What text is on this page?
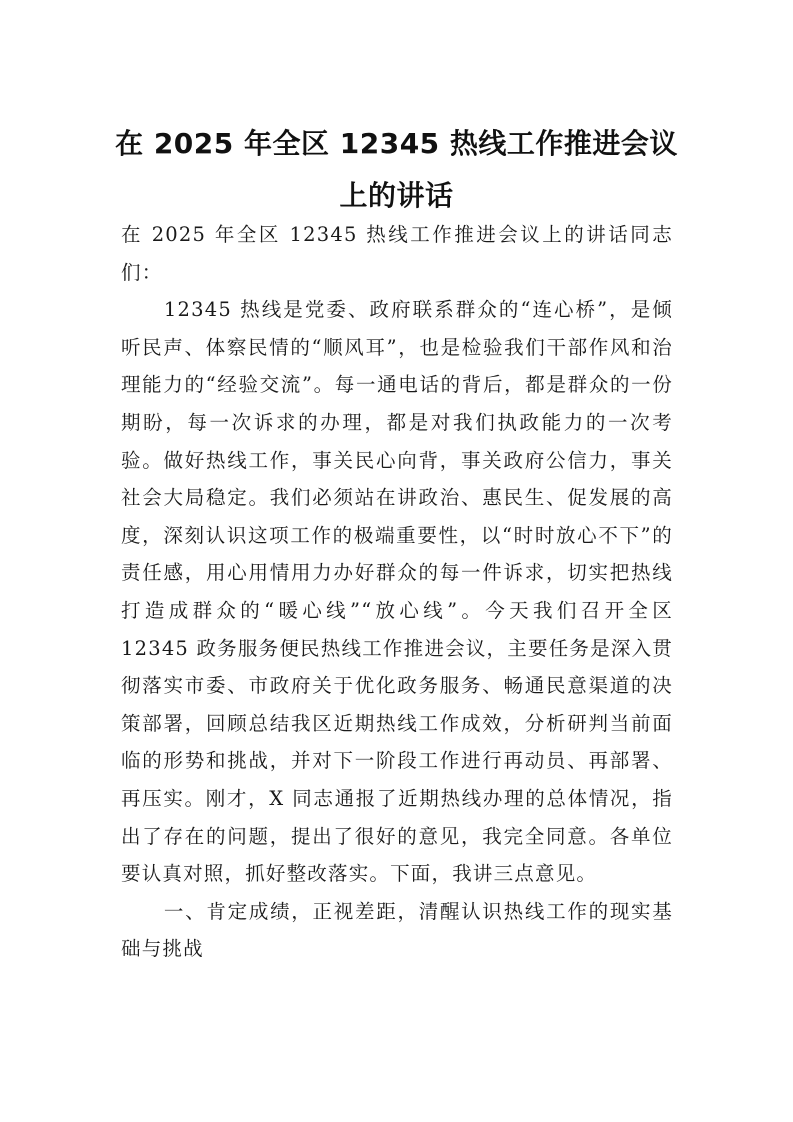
在 2025 年全区 12345 热线工作推进会议上的讲话

在 2025 年全区 12345 热线工作推进会议上的讲话同志们：

12345 热线是党委、政府联系群众的“连心桥”，是倾听民声、体察民情的“顺风耳”，也是检验我们干部作风和治理能力的“经验交流”。每一通电话的背后，都是群众的一份期盼，每一次诉求的办理，都是对我们执政能力的一次考验。做好热线工作，事关民心向背，事关政府公信力，事关社会大局稳定。我们必须站在讲政治、惠民生、促发展的高度，深刻认识这项工作的极端重要性，以“时时放心不下”的责任感，用心用情用力办好群众的每一件诉求，切实把热线打造成群众的“暖心线”“放心线”。今天我们召开全区 12345 政务服务便民热线工作推进会议，主要任务是深入贯彻落实市委、市政府关于优化政务服务、畅通民意渠道的决策部署，回顾总结我区近期热线工作成效，分析研判当前面临的形势和挑战，并对下一阶段工作进行再动员、再部署、再压实。刚才，X 同志通报了近期热线办理的总体情况，指出了存在的问题，提出了很好的意见，我完全同意。各单位要认真对照，抓好整改落实。下面，我讲三点意见。

一、肯定成绩，正视差距，清醒认识热线工作的现实基础与挑战
